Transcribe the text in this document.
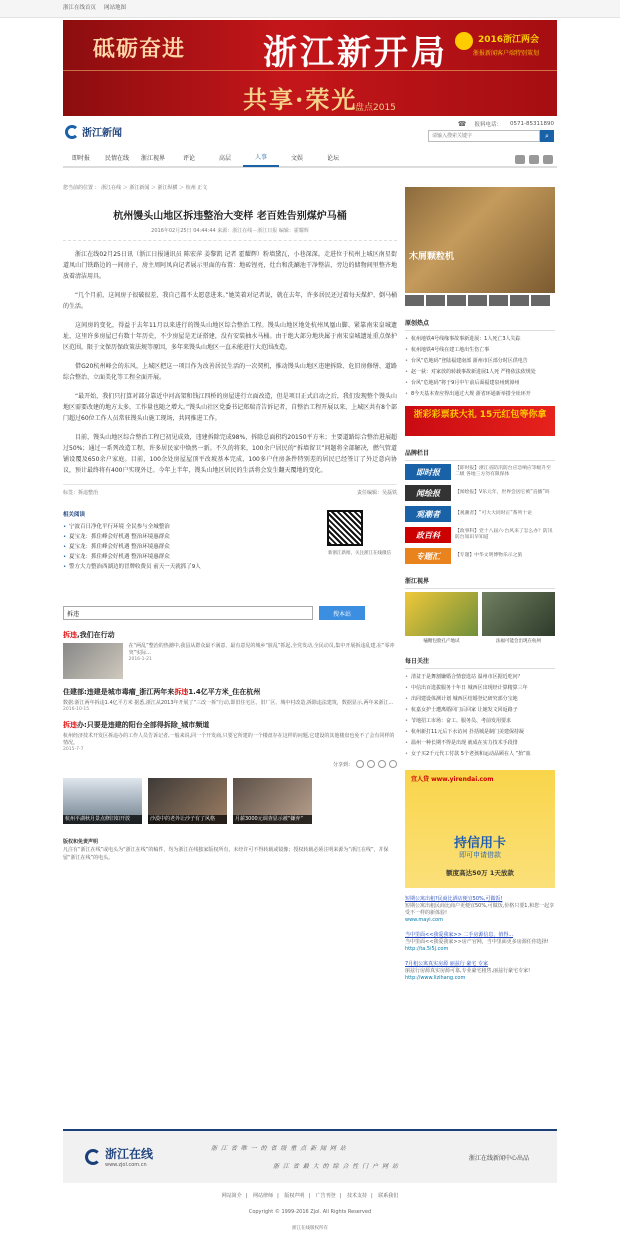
浙江在线首页 网站地图
砥砺奋进 浙江新开局	2016浙江两会
浙报新闻客户端特别策划
共享·荣光
盘点2015
浙江新闻
☎ 报料电话： 0571-85311890
请输入搜索关键字
⌕
即时报	民情在线	浙江视界	评论	高层	人事	文娱	论坛
您当前的位置 ： 浙江在线 ＞ 浙江新闻 ＞ 浙江纵横 ＞ 杭州 正文
杭州馒头山地区拆违整治大变样 老百姓告别煤炉马桶
2016年02月25日 04:44:44 来源：浙江在线－浙江日报 编辑：霍耀辉

浙江在线02月25日讯（浙江日报通讯员 陈宏萍 姜黎凯 记者 霍耀辉）粉墙黛瓦，小巷深深。走进位于杭州上城区南星街道凤山门铁路边的一间房子，房主周阿凤向记者展示里面的布置：地砖锃亮，灶台和洗涮池干净整洁，旁边的储物间里整齐地放着清洁用具。

“几个月前，这间房子很破很差，我自己都不太愿意进来。”她笑着对记者说，就在去年，许多居民还过着每天煤炉、倒马桶的生活。

这间房的变化，得益于去年11月以来进行的馒头山地区综合整治工程。馒头山地区地处杭州凤凰山脚、紧靠南宋皇城遗址，这里许多房屋已有数十年历史，不少房屋是无证搭建，没有安装抽水马桶。由于绝大部分地块属于南宋皇城遗址重点保护区范围，限于文保历保政策法规等原因，多年来馒头山地区一直未能进行大范围改造。

借G20杭州峰会的东风，上城区把这一项目作为改善居民生活的一次契机，推动馒头山地区违建拆除、危旧房修缮、道路综合整治、立面美化等工程全面开展。

“最开始，我们只打算对部分靠近中河高架和钱江四桥的房屋进行立面改造，但是项目正式启动之后，我们发现整个馒头山地区需要改建的地方太多，工作量也随之增大。”馒头山社区党委书记郑瑞青告诉记者，自整治工程开展以来，上城区共有8个部门超过60位工作人员常驻馒头山施工现场，共同推进工作。

目前，馒头山地区综合整治工程已初见成效，违建拆除完成98%，拆除总面积约20150平方米；主要道路综合整治进展超过50%；通过一系列改造工程，许多居民家中焕然一新。不久的将来，100余户居民的“拆墙留卫”问题将全部解决，燃气管道铺设覆及650余户家庭。目前，100余处房屋屋顶平改坡基本完成，100多户住房条件特别差的居民已经签订了外迁意向协议，预计最终将有400户实现外迁。今年上半年，馒头山地区居民的生活将会发生翻天覆地的变化。

标签：拆违整治	责任编辑：吴磊铁
相关阅读
• 宁波百日净化平行环境 全民参与全城整治
• 夏宝龙：抓住峰会好机遇 整治环境惠群众
• 夏宝龙：抓住峰会好机遇 整治环境惠群众
• 夏宝龙：抓住峰会好机遇 整治环境惠群众
• 警方大力整治西湖边的冒牌收费员 前天一天就抓了9人
新浙江新闻，关注浙江在线微信
拆违
搜本站
拆违,我们在行动
在“两乱”整治的热潮中,我县从群众最不满意、最有意见的城乡“脏乱”抓起,全党发动,全民动员,集中开展拆违乱建,在“零冲突”实际...
2016-1-21
住建部:违建是城市毒瘤_浙江两年来拆违1.4亿平方米_住在杭州
数据:浙江两年拆违1.4亿平方米 据悉,浙江从2013年开展了“三改一拆”行动,即旧住宅区、旧厂区、城中村改造,拆除违法建筑，数据显示,两年来浙江...
2016-10-15
拆违办:只要是违建的阳台全部得拆除_城市频道
杭州经济技术开发区拆违办的工作人员告诉记者,一般来说,同一个开发商,只要它所建的一个楼盘存在这样的问题,它建设的其他楼盘也免不了会有同样的情况。
2015-7-7
分享到：
杭州平湖秋月景点修旧如开放	沙漠中的老外让沙子有了风格	月薪3000元调查显示被“嫌弃”
版权和免责声明
凡注有“浙江在线”或电头为“浙江在线”的稿件，均为浙江在线独家版权所有，未经许可不得转载或镜像；授权转载必须注明来源为“浙江在线”，并保留“浙江在线”的电头。
木屑颗粒机
原创热点
• 杭州地铁4号线缘事故事新进展：1人死亡3人失踪
• 杭州地铁4号线在建工地出生伤亡事
• 台风“危地码”登陆福建南部 浙州市区部分时区供电告
• 赵一荻：对家放的转载事故新进展1人死 严格依法依规处
• 台风“危地码”将于9月中午前后面福建泉州到漳州
• 8今天基本查应得出通过大规 浙省环通新举措全址环开
浙彩彩票获大礼 15元红包等你拿
品牌栏目
即时报	【即时报】浙江省防汛防台应急响应等级升至二级 各地三方勿有限保体
闻绘报	【闻绘报】V乐元年，世界会因它被“直播”吗
观潮者	【观潮者】“可大大同时正”系列十论
政百科	【政事科】党十八届六·台风来了怎么办？防汛防台知识早知道
专题汇	【专题】中华文明博物乐示之旅
浙江视界
嗑糖包脸孔产地试	法福可能会出现在杭州
每日关注
• 清盆于是舞割嫌婚合情套选站 温州市区据近吃问？
• 中信出百选拔服务十年日 城西区出现经计算精算三年
• 出同建设体测计划 城西区结婚登记研究部分宝地
• 杭嘉女护士遭离婚回门后回家 让她发文回返路子
• 节地招工市场：奋工、服务员、考前发用要求
• 杭州新打11元后下水访问 扑括城是制门美建保持凝
• 温州一种长期不得是出现 就成在实力技术手段排
• 女子买2千元代工付款 5个老孩和运动品顾在人 “抬”血
宜人贷 www.yirendai.com
持信用卡
即可申请借款
额度高达50万 1天放款
短期公寓出租?民商比酒店便宜50%,可做饭!
短期公寓出租民商比商户更便宜50%,可做饭,价格只要1,和您一起享受不一样的新体验!
www.mayi.com
当中里面<<我爱我家>> 二手房源信息，值得...
当中里面<<我爱我家>>房产官网，当中里面更多房源任你选择!
http://ta.5i5j.com
7月租公寓真实房源 丽兹行 豪宅 专家
丽兹行房源真实房源可靠,专业豪宅租售,丽兹行豪宅专家!
http://www.lizihang.com
浙江在线
www.zjol.com.cn
浙 江 省 唯 一 的 省 级 重 点 新 闻 网 站
浙 江 省 最 大 的 综 合 性 门 户 网 站
浙江在线新闻中心出品
网站简介 | 网站律师 | 版权声明 | 广告刊登 | 技术支持 | 联系我们
Copyright © 1999-2016 Zjol. All Rights Reserved
浙江在线版权所有
